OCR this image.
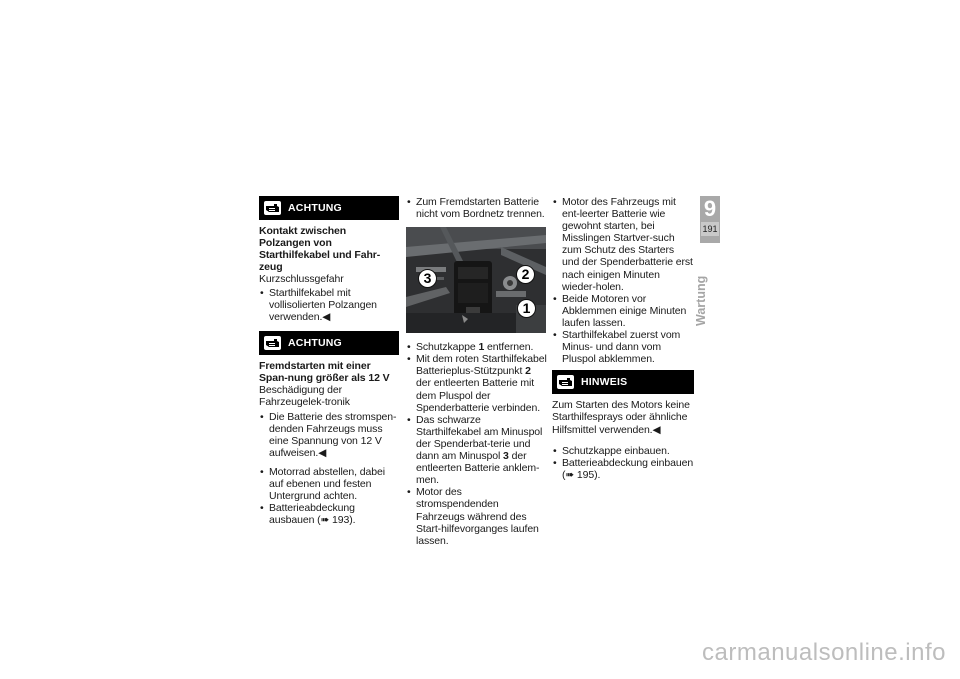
ACHTUNG
Kontakt zwischen Polzangen von Starthilfekabel und Fahr-zeug
Kurzschlussgefahr
• Starthilfekabel mit vollisolierten Polzangen verwenden.◀
ACHTUNG
Fremdstarten mit einer Span-nung größer als 12 V
Beschädigung der Fahrzeugelek-tronik
• Die Batterie des stromspen-denden Fahrzeugs muss eine Spannung von 12 V aufweisen.◀
• Motorrad abstellen, dabei auf ebenen und festen Untergrund achten.
• Batterieabdeckung ausbauen (➠ 193).
• Zum Fremdstarten Batterie nicht vom Bordnetz trennen.
3	2
1
• Schutzkappe 1 entfernen.
• Mit dem roten Starthilfekabel Batterieplus-Stützpunkt 2 der entleerten Batterie mit dem Pluspol der Spenderbatterie verbinden.
• Das schwarze Starthilfekabel am Minuspol der Spenderbat-terie und dann am Minuspol 3 der entleerten Batterie anklem-men.
• Motor des stromspendenden Fahrzeugs während des Start-hilfevorganges laufen lassen.
• Motor des Fahrzeugs mit ent-leerter Batterie wie gewohnt starten, bei Misslingen Startver-such zum Schutz des Starters und der Spenderbatterie erst nach einigen Minuten wieder-holen.
• Beide Motoren vor Abklemmen einige Minuten laufen lassen.
• Starthilfekabel zuerst vom Minus- und dann vom Pluspol abklemmen.
HINWEIS
Zum Starten des Motors keine Starthilfesprays oder ähnliche Hilfsmittel verwenden.◀
• Schutzkappe einbauen.
• Batterieabdeckung einbauen (➠ 195).
9
191
Wartung
carmanualsonline.info
